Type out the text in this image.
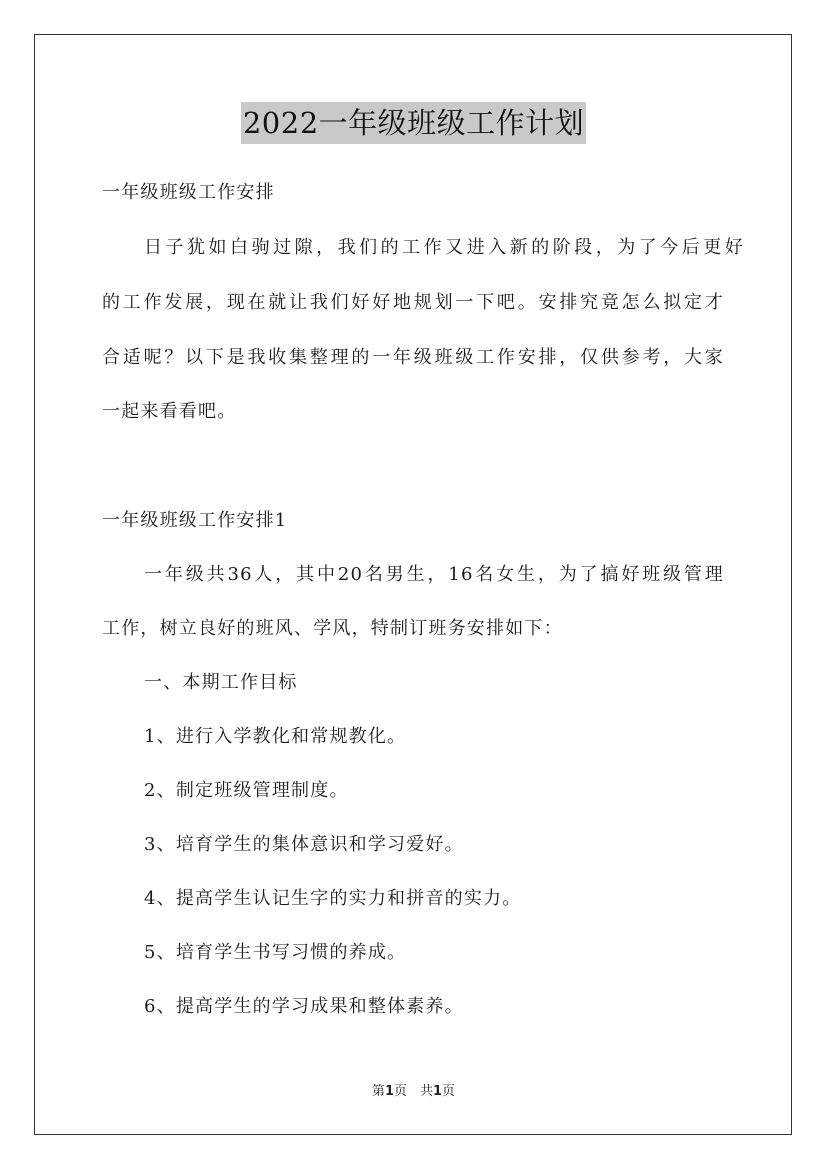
2022一年级班级工作计划
一年级班级工作安排
日子犹如白驹过隙，我们的工作又进入新的阶段，为了今后更好
的工作发展，现在就让我们好好地规划一下吧。安排究竟怎么拟定才
合适呢？以下是我收集整理的一年级班级工作安排，仅供参考，大家
一起来看看吧。
一年级班级工作安排1
一年级共36人，其中20名男生，16名女生，为了搞好班级管理
工作，树立良好的班风、学风，特制订班务安排如下：
一、本期工作目标
1、进行入学教化和常规教化。
2、制定班级管理制度。
3、培育学生的集体意识和学习爱好。
4、提高学生认记生字的实力和拼音的实力。
5、培育学生书写习惯的养成。
6、提高学生的学习成果和整体素养。
第1页　共1页
